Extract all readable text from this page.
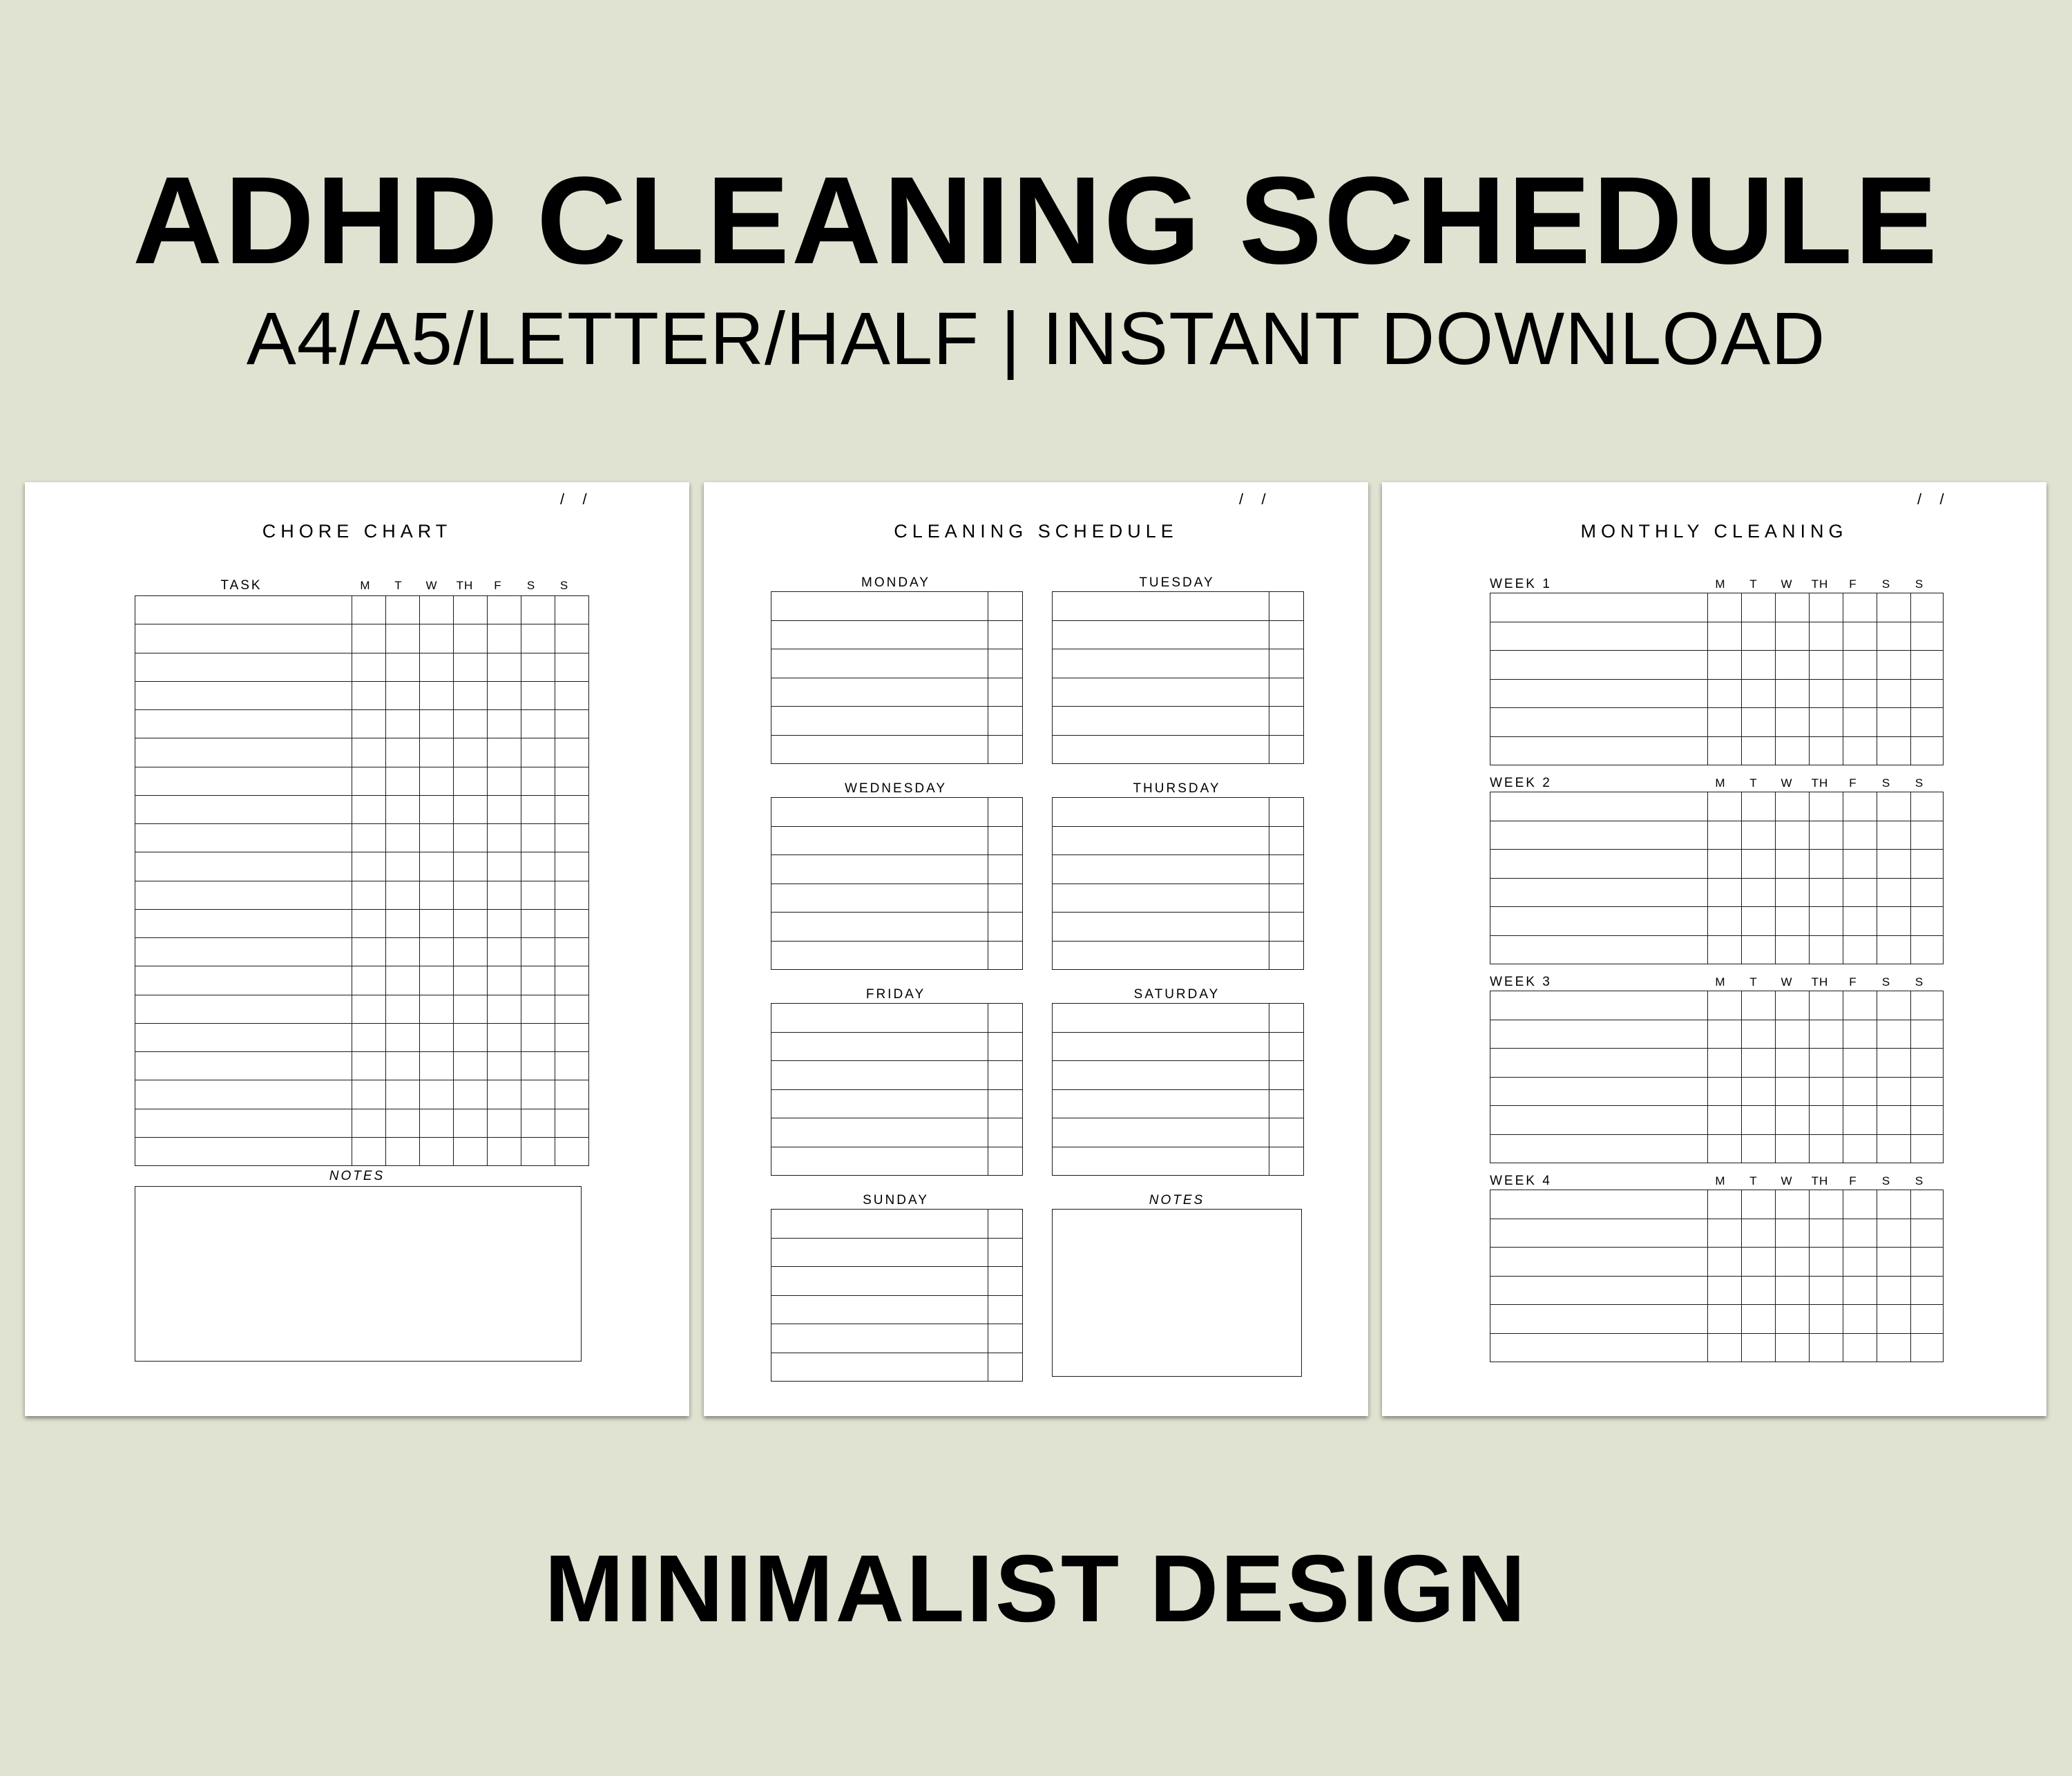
ADHD CLEANING SCHEDULE
A4/A5/LETTER/HALF | INSTANT DOWNLOAD
/   /
CHORE CHART
TASK	M	T	W	TH	F	S	S

NOTES
/   /
CLEANING SCHEDULE
MONDAY

		TUESDAY

WEDNESDAY

		THURSDAY

FRIDAY

		SATURDAY

SUNDAY

		NOTES
/   /
MONTHLY CLEANING
WEEK 1	M	T	W	TH	F	S	S

WEEK 2	M	T	W	TH	F	S	S

WEEK 3	M	T	W	TH	F	S	S

WEEK 4	M	T	W	TH	F	S	S

MINIMALIST DESIGN
